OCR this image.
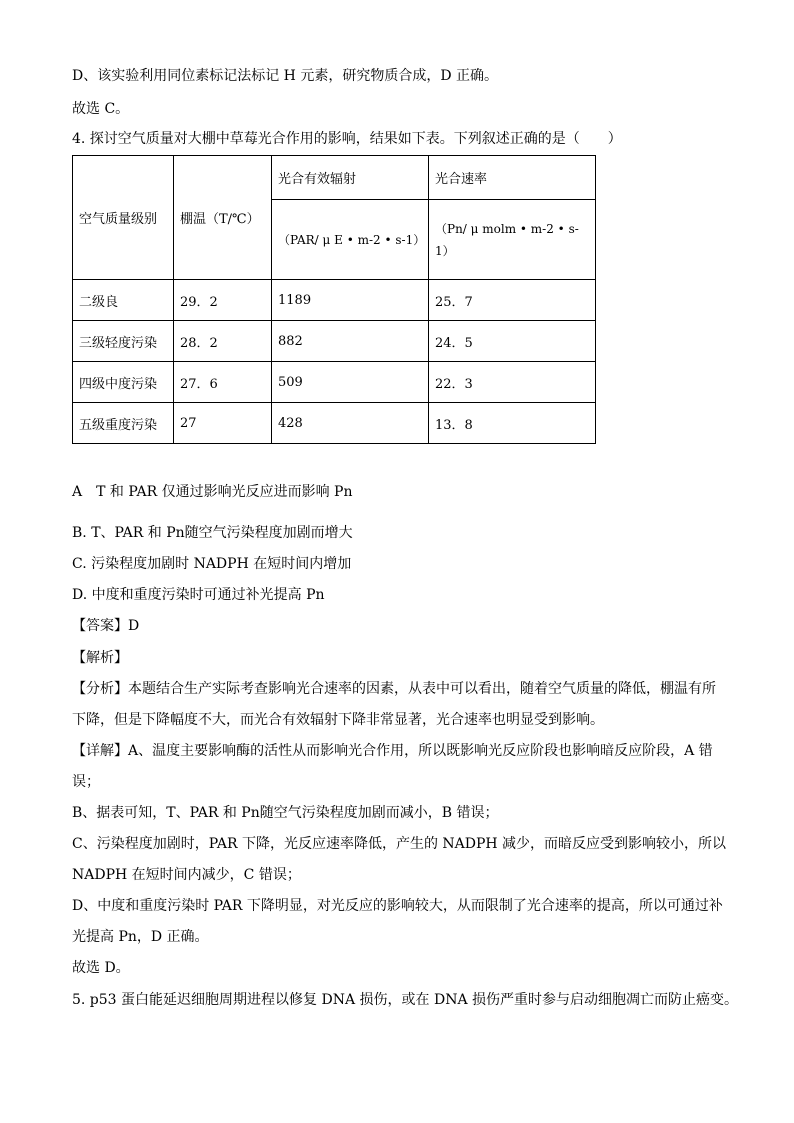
D、该实验利用同位素标记法标记 H 元素，研究物质合成，D 正确。
故选 C。
4. 探讨空气质量对大棚中草莓光合作用的影响，结果如下表。下列叙述正确的是（　　）
空气质量级别	棚温（T/℃）	光合有效辐射	光合速率
		（PAR/ μ E • m-2 • s-1）	（Pn/ μ molm • m-2 • s-1）
二级良	29．2	1189	25．7
三级轻度污染	28．2	882	24．5
四级中度污染	27．6	509	22．3
五级重度污染	27	428	13．8
A　T 和 PAR 仅通过影响光反应进而影响 Pn
B. T、PAR 和 Pn随空气污染程度加剧而增大
C. 污染程度加剧时 NADPH 在短时间内增加
D. 中度和重度污染时可通过补光提高 Pn
【答案】D
【解析】
【分析】本题结合生产实际考查影响光合速率的因素，从表中可以看出，随着空气质量的降低，棚温有所
下降，但是下降幅度不大，而光合有效辐射下降非常显著，光合速率也明显受到影响。
【详解】A、温度主要影响酶的活性从而影响光合作用，所以既影响光反应阶段也影响暗反应阶段，A 错
误；
B、据表可知，T、PAR 和 Pn随空气污染程度加剧而减小，B 错误；
C、污染程度加剧时，PAR 下降，光反应速率降低，产生的 NADPH 减少，而暗反应受到影响较小，所以
NADPH 在短时间内减少，C 错误；
D、中度和重度污染时 PAR 下降明显，对光反应的影响较大，从而限制了光合速率的提高，所以可通过补
光提高 Pn，D 正确。
故选 D。
5. p53 蛋白能延迟细胞周期进程以修复 DNA 损伤，或在 DNA 损伤严重时参与启动细胞凋亡而防止癌变。
